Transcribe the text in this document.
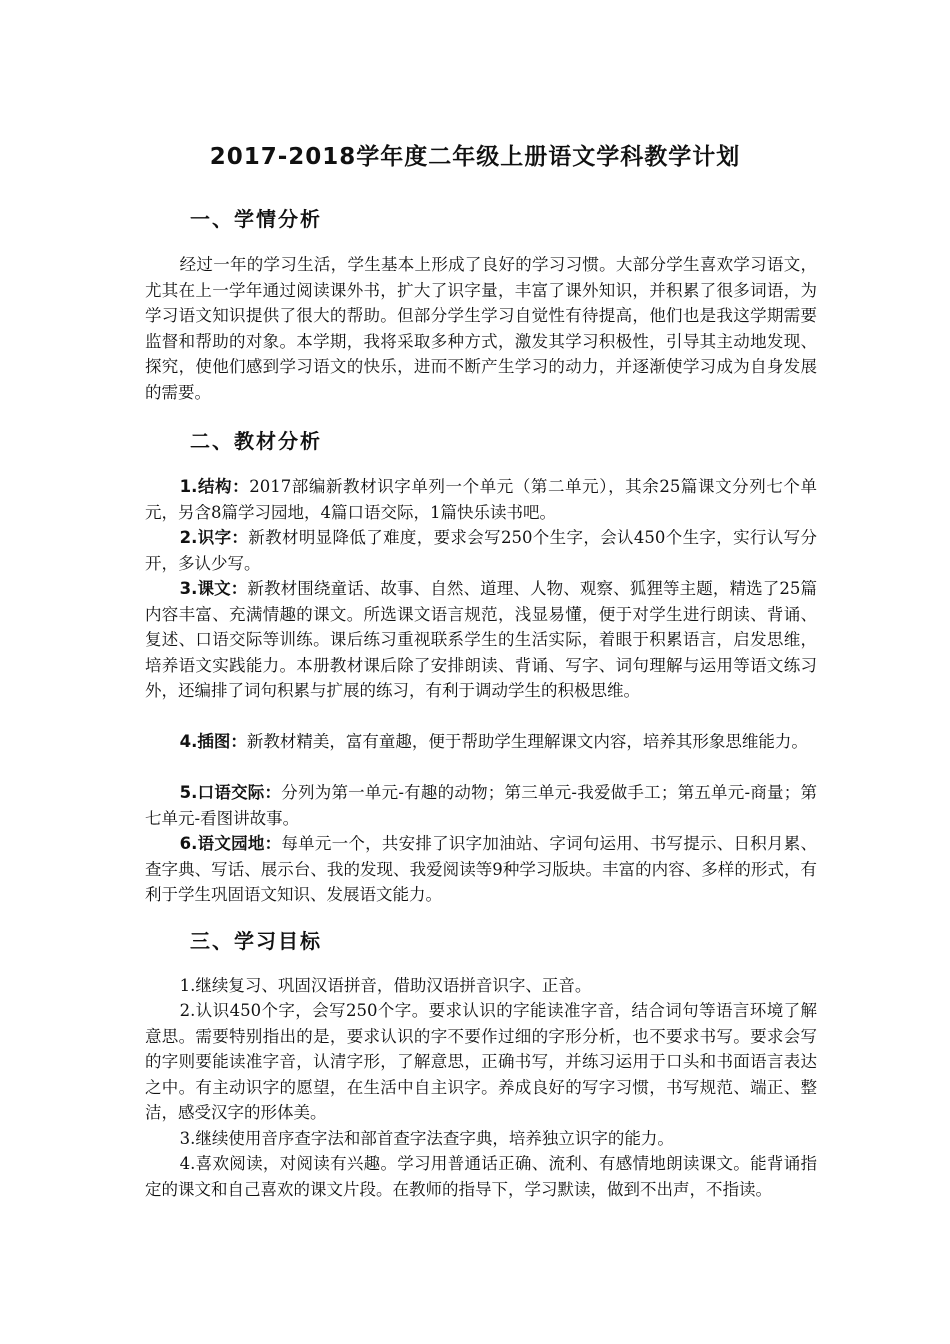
2017-2018学年度二年级上册语文学科教学计划
一、学情分析

经过一年的学习生活，学生基本上形成了良好的学习习惯。大部分学生喜欢学习语文，尤其在上一学年通过阅读课外书，扩大了识字量，丰富了课外知识，并积累了很多词语，为学习语文知识提供了很大的帮助。但部分学生学习自觉性有待提高，他们也是我这学期需要监督和帮助的对象。本学期，我将采取多种方式，激发其学习积极性，引导其主动地发现、探究，使他们感到学习语文的快乐，进而不断产生学习的动力，并逐渐使学习成为自身发展的需要。

二、教材分析

1.结构：2017部编新教材识字单列一个单元（第二单元），其余25篇课文分列七个单元，另含8篇学习园地，4篇口语交际，1篇快乐读书吧。

2.识字：新教材明显降低了难度，要求会写250个生字，会认450个生字，实行认写分开，多认少写。

3.课文：新教材围绕童话、故事、自然、道理、人物、观察、狐狸等主题，精选了25篇内容丰富、充满情趣的课文。所选课文语言规范，浅显易懂，便于对学生进行朗读、背诵、复述、口语交际等训练。课后练习重视联系学生的生活实际，着眼于积累语言，启发思维，培养语文实践能力。本册教材课后除了安排朗读、背诵、写字、词句理解与运用等语文练习外，还编排了词句积累与扩展的练习，有利于调动学生的积极思维。

4.插图：新教材精美，富有童趣，便于帮助学生理解课文内容，培养其形象思维能力。

5.口语交际：分列为第一单元-有趣的动物；第三单元-我爱做手工；第五单元-商量；第七单元-看图讲故事。

6.语文园地：每单元一个，共安排了识字加油站、字词句运用、书写提示、日积月累、查字典、写话、展示台、我的发现、我爱阅读等9种学习版块。丰富的内容、多样的形式，有利于学生巩固语文知识、发展语文能力。

三、学习目标

1.继续复习、巩固汉语拼音，借助汉语拼音识字、正音。

2.认识450个字，会写250个字。要求认识的字能读准字音，结合词句等语言环境了解意思。需要特别指出的是，要求认识的字不要作过细的字形分析，也不要求书写。要求会写的字则要能读准字音，认清字形，了解意思，正确书写，并练习运用于口头和书面语言表达之中。有主动识字的愿望，在生活中自主识字。养成良好的写字习惯，书写规范、端正、整洁，感受汉字的形体美。

3.继续使用音序查字法和部首查字法查字典，培养独立识字的能力。

4.喜欢阅读，对阅读有兴趣。学习用普通话正确、流利、有感情地朗读课文。能背诵指定的课文和自己喜欢的课文片段。在教师的指导下，学习默读，做到不出声，不指读。
